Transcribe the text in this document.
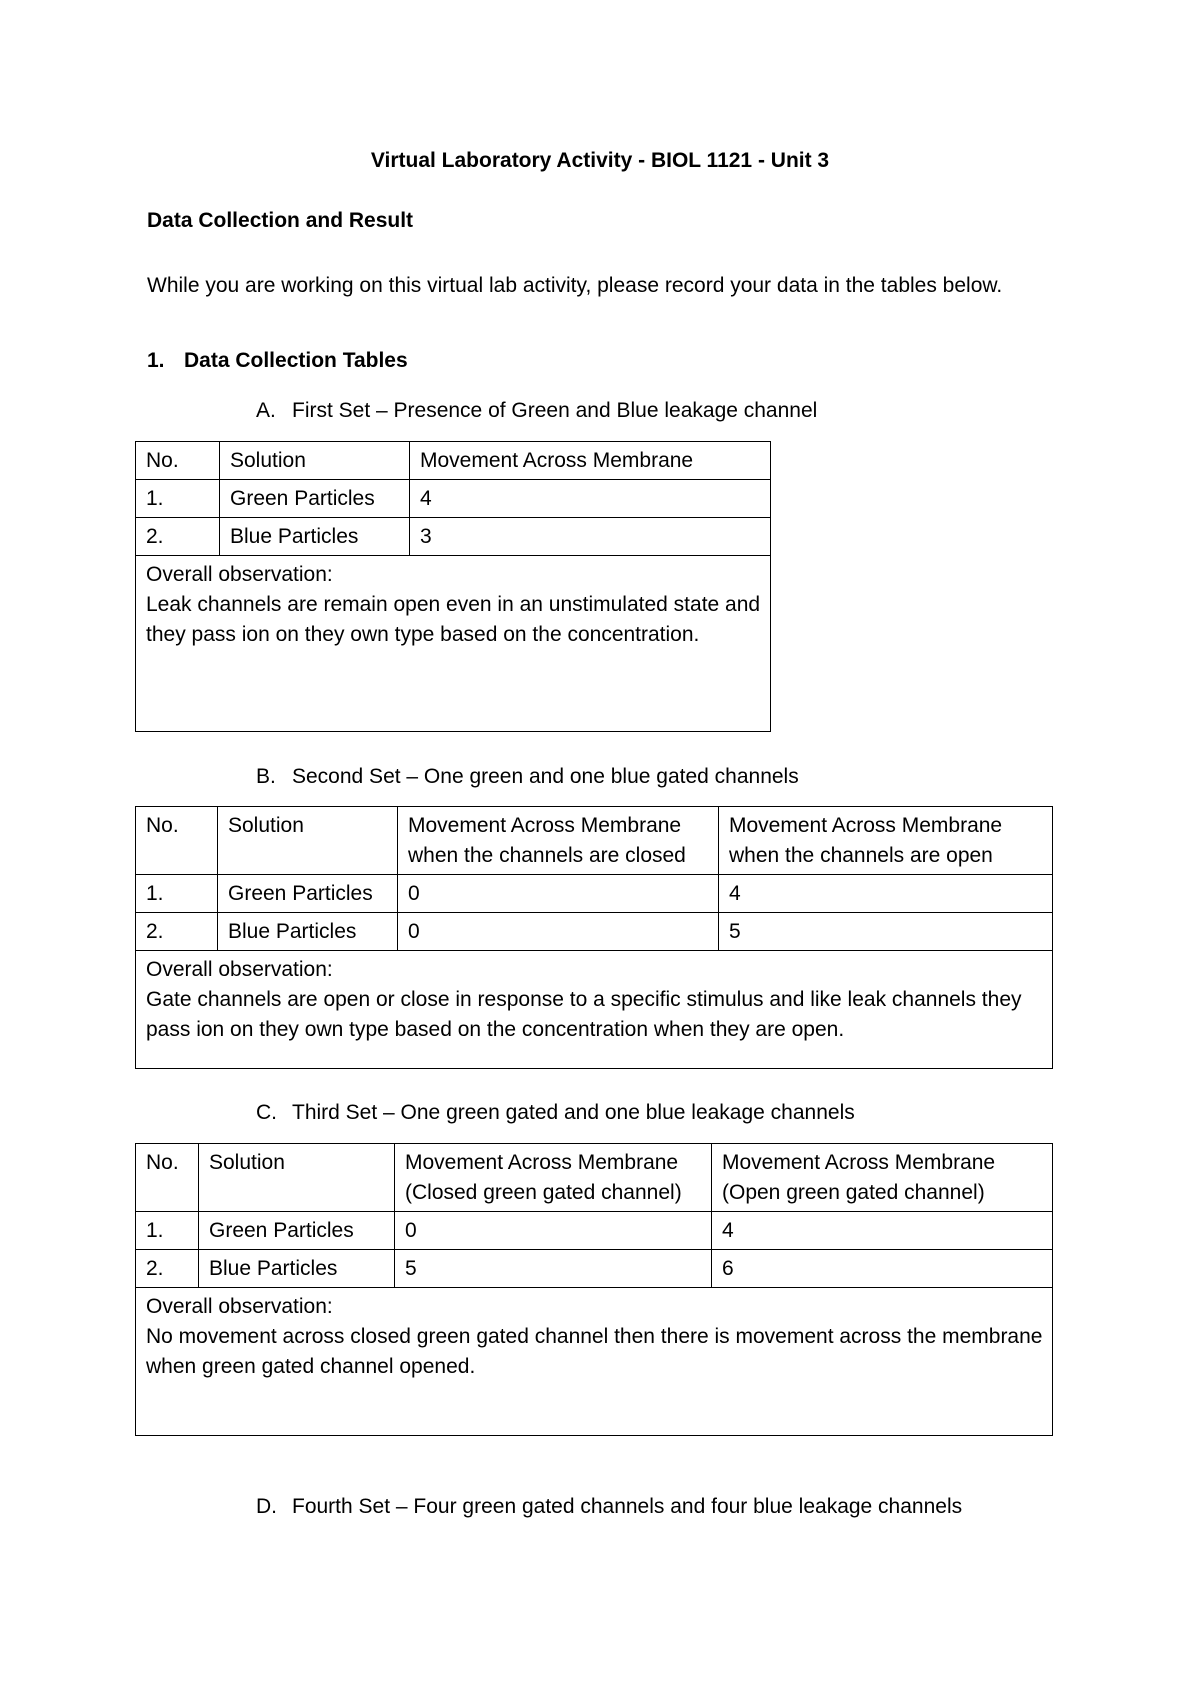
Virtual Laboratory Activity - BIOL 1121 - Unit 3
Data Collection and Result
While you are working on this virtual lab activity, please record your data in the tables below.
1. Data Collection Tables
A. First Set – Presence of Green and Blue leakage channel
No.	Solution	Movement Across Membrane
1.	Green Particles	4
2.	Blue Particles	3

Overall observation:
Leak channels are remain open even in an unstimulated state and they pass ion on they own type based on the concentration.		
B. Second Set – One green and one blue gated channels
No.	Solution	Movement Across Membrane when the channels are closed	Movement Across Membrane when the channels are open
1.	Green Particles	0	4
2.	Blue Particles	0	5

Overall observation:
Gate channels are open or close in response to a specific stimulus and like leak channels they pass ion on they own type based on the concentration when they are open.			
C. Third Set – One green gated and one blue leakage channels
No.	Solution	Movement Across Membrane (Closed green gated channel)	Movement Across Membrane (Open green gated channel)
1.	Green Particles	0	4
2.	Blue Particles	5	6

Overall observation:
No movement across closed green gated channel then there is movement across the membrane when green gated channel opened.			
D. Fourth Set – Four green gated channels and four blue leakage channels
